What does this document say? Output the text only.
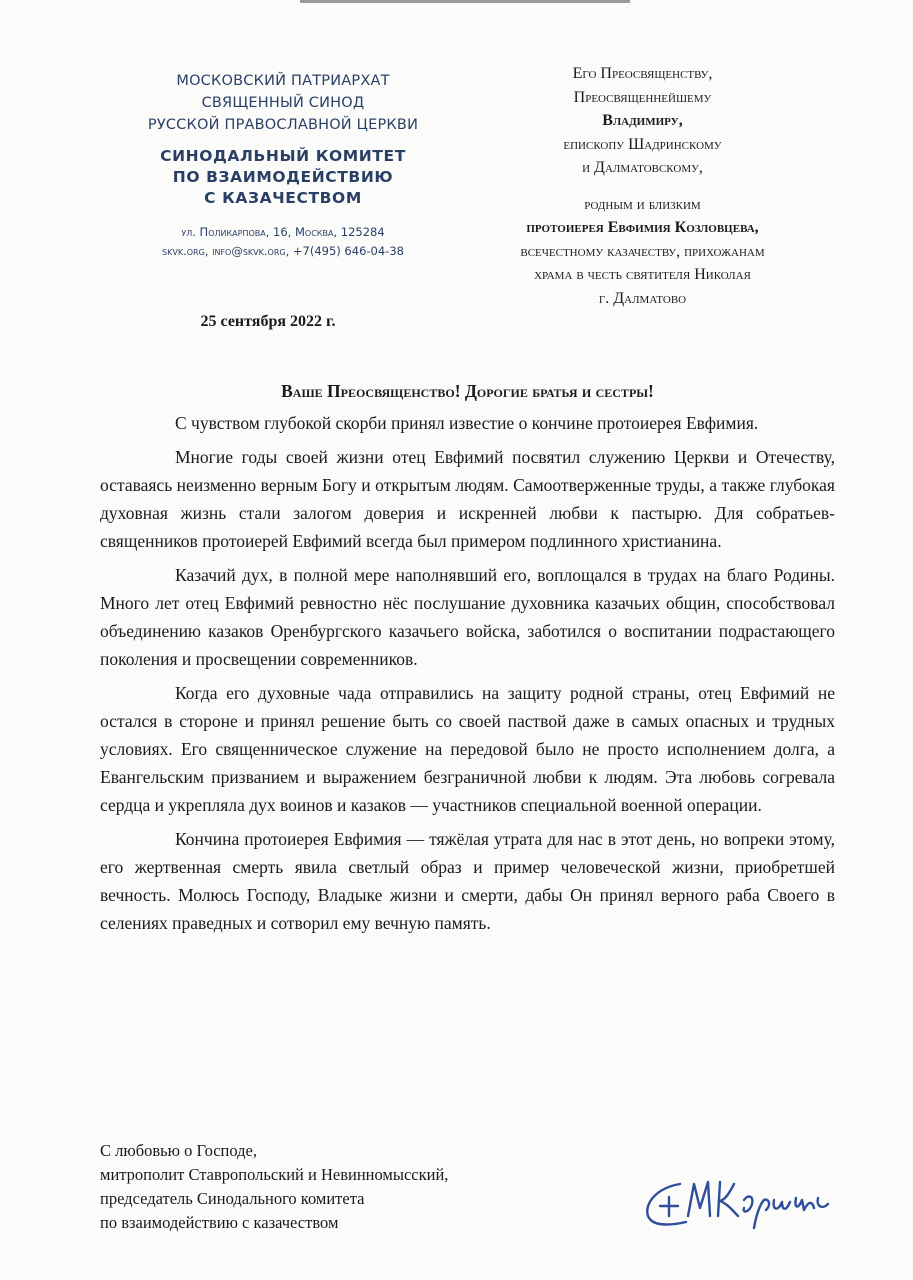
МОСКОВСКИЙ ПАТРИАРХАТ
СВЯЩЕННЫЙ СИНОД
РУССКОЙ ПРАВОСЛАВНОЙ ЦЕРКВИ
СИНОДАЛЬНЫЙ КОМИТЕТ
ПО ВЗАИМОДЕЙСТВИЮ
С КАЗАЧЕСТВОМ
ул. Поликарпова, 16, Москва, 125284
skvk.org, info@skvk.org, +7(495) 646-04-38
25 сентября 2022 г.
Его Преосвященству,
Преосвященнейшему
Владимиру,
епископу Шадринскому
и Далматовскому,
родным и близким
протоиерея Евфимия Козловцева,
всечестному казачеству, прихожанам
храма в честь святителя Николая
г. Далматово
Ваше Преосвященство! Дорогие братья и сестры!

С чувством глубокой скорби принял известие о кончине протоиерея Евфимия.

Многие годы своей жизни отец Евфимий посвятил служению Церкви и Отечеству, оставаясь неизменно верным Богу и открытым людям. Самоотверженные труды, а также глубокая духовная жизнь стали залогом доверия и искренней любви к пастырю. Для собратьев-священников протоиерей Евфимий всегда был примером подлинного христианина.

Казачий дух, в полной мере наполнявший его, воплощался в трудах на благо Родины. Много лет отец Евфимий ревностно нёс послушание духовника казачьих общин, способствовал объединению казаков Оренбургского казачьего войска, заботился о воспитании подрастающего поколения и просвещении современников.

Когда его духовные чада отправились на защиту родной страны, отец Евфимий не остался в стороне и принял решение быть со своей паствой даже в самых опасных и трудных условиях. Его священническое служение на передовой было не просто исполнением долга, а Евангельским призванием и выражением безграничной любви к людям. Эта любовь согревала сердца и укрепляла дух воинов и казаков — участников специальной военной операции.

Кончина протоиерея Евфимия — тяжёлая утрата для нас в этот день, но вопреки этому, его жертвенная смерть явила светлый образ и пример человеческой жизни, приобретшей вечность. Молюсь Господу, Владыке жизни и смерти, дабы Он принял верного раба Своего в селениях праведных и сотворил ему вечную память.

С любовью о Господе,
митрополит Ставропольский и Невинномысский,
председатель Синодального комитета
по взаимодействию с казачеством
